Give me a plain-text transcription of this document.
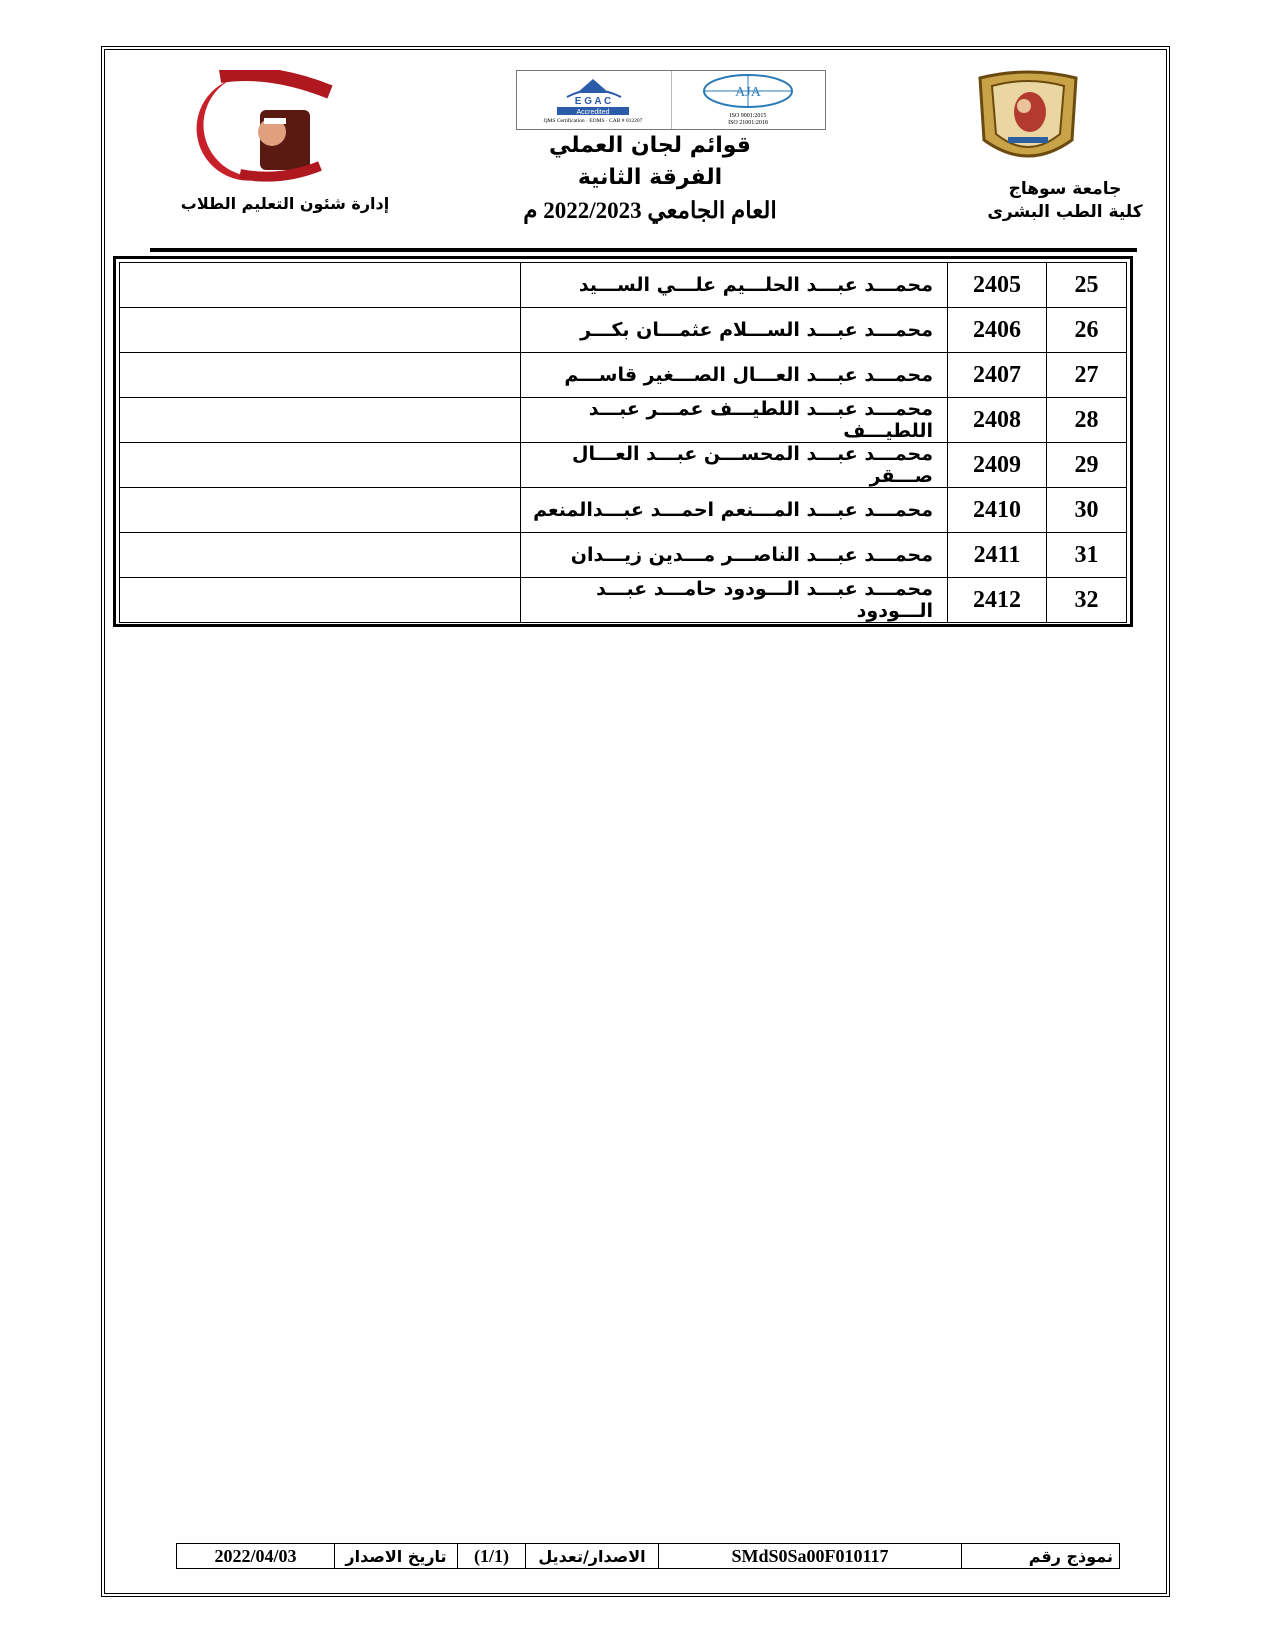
جامعة سوهاج
كلية الطب البشرى
E G A C
Accredited
QMS Certification · EOMS · CAB # 012207
AJA
ISO 9001:2015
ISO 21001:2018
قوائم لجان العملي
الفرقة الثانية
العام الجامعي 2022/2023 م
إدارة شئون التعليم الطلاب
25	2405	محمـــد عبـــد الحلـــيم علـــي الســـيد	
26	2406	محمـــد عبـــد الســـلام عثمـــان بكـــر	
27	2407	محمـــد عبـــد العـــال الصـــغير قاســـم	
28	2408	محمـــد عبـــد اللطيـــف عمـــر عبـــد اللطيـــف	
29	2409	محمـــد عبـــد المحســـن عبـــد العـــال صـــقر	
30	2410	محمـــد عبـــد المـــنعم احمـــد عبـــدالمنعم	
31	2411	محمـــد عبـــد الناصـــر مـــدين زيـــدان	
32	2412	محمـــد عبـــد الـــودود حامـــد عبـــد الـــودود	
نموذج رقم	SMdS0Sa00F010117	الاصدار/تعديل	(1/1)	تاريخ الاصدار	2022/04/03
